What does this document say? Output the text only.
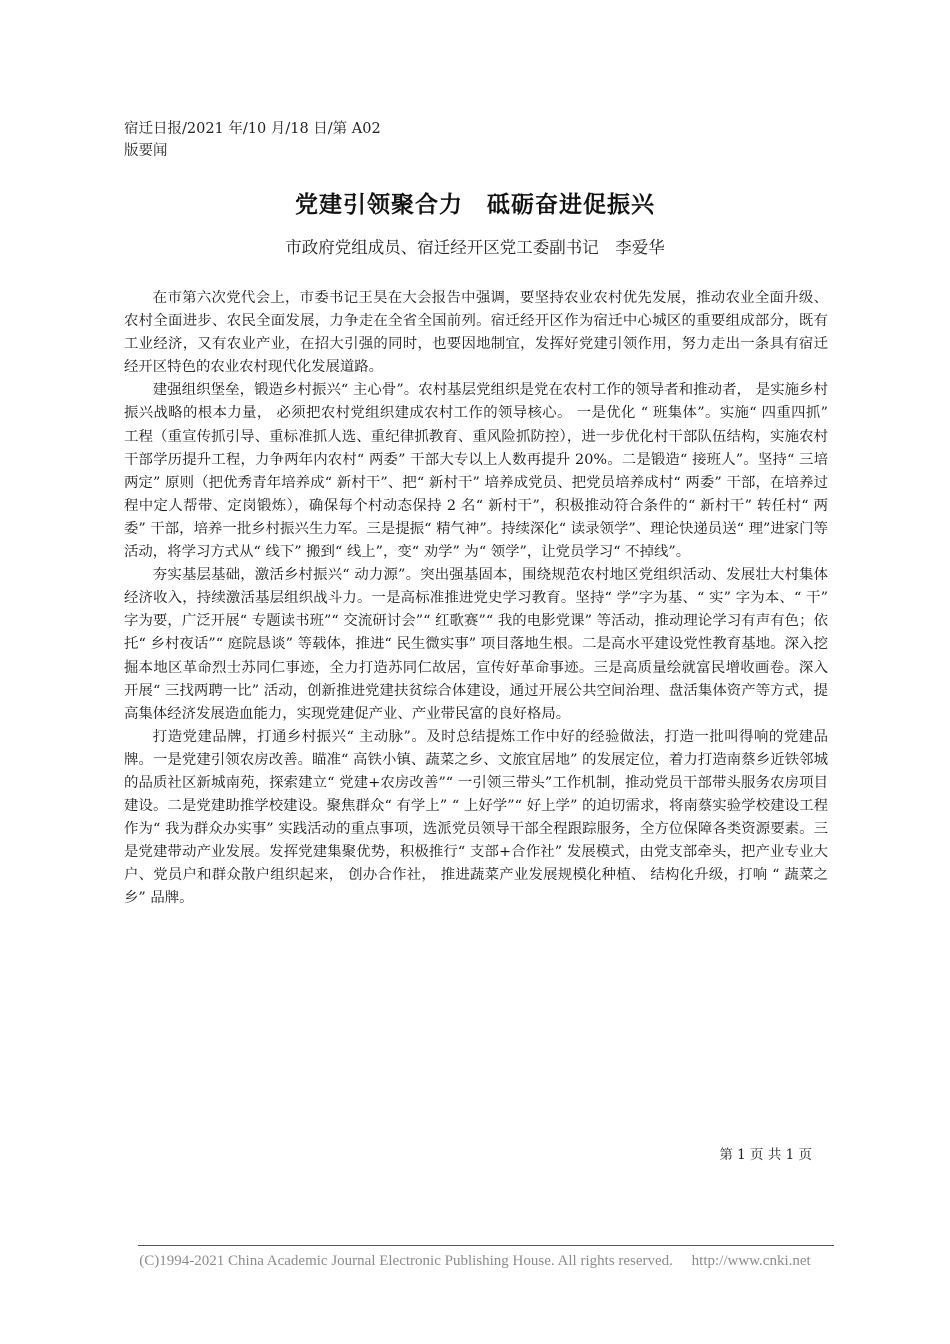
宿迁日报/2021 年/10 月/18 日/第 A02
版要闻
党建引领聚合力　砥砺奋进促振兴
市政府党组成员、宿迁经开区党工委副书记　李爱华

在市第六次党代会上，市委书记王昊在大会报告中强调，要坚持农业农村优先发展，推动农业全面升级、农村全面进步、农民全面发展，力争走在全省全国前列。宿迁经开区作为宿迁中心城区的重要组成部分，既有工业经济，又有农业产业，在招大引强的同时，也要因地制宜，发挥好党建引领作用，努力走出一条具有宿迁经开区特色的农业农村现代化发展道路。

建强组织堡垒，锻造乡村振兴“ 主心骨”。农村基层党组织是党在农村工作的领导者和推动者， 是实施乡村振兴战略的根本力量， 必须把农村党组织建成农村工作的领导核心。 一是优化 “ 班集体”。实施“ 四重四抓” 工程（重宣传抓引导、重标准抓人选、重纪律抓教育、重风险抓防控），进一步优化村干部队伍结构，实施农村干部学历提升工程，力争两年内农村“ 两委” 干部大专以上人数再提升 20%。二是锻造“ 接班人”。坚持“ 三培两定” 原则（把优秀青年培养成“ 新村干”、把“ 新村干” 培养成党员、把党员培养成村“ 两委” 干部，在培养过程中定人帮带、定岗锻炼），确保每个村动态保持 2 名“ 新村干”，积极推动符合条件的“ 新村干” 转任村“ 两委” 干部，培养一批乡村振兴生力军。三是提振“ 精气神”。持续深化“ 读录领学”、理论快递员送“ 理”进家门等活动，将学习方式从“ 线下” 搬到“ 线上”，变“ 劝学” 为“ 领学”，让党员学习“ 不掉线”。

夯实基层基础，激活乡村振兴“ 动力源”。突出强基固本，围绕规范农村地区党组织活动、发展壮大村集体经济收入，持续激活基层组织战斗力。一是高标准推进党史学习教育。坚持“ 学”字为基、“ 实” 字为本、“ 干” 字为要，广泛开展“ 专题读书班”“ 交流研讨会”“ 红歌赛”“ 我的电影党课” 等活动，推动理论学习有声有色；依托“ 乡村夜话”“ 庭院恳谈” 等载体，推进“ 民生微实事” 项目落地生根。二是高水平建设党性教育基地。深入挖掘本地区革命烈士苏同仁事迹，全力打造苏同仁故居，宣传好革命事迹。三是高质量绘就富民增收画卷。深入开展“ 三找两聘一比” 活动，创新推进党建扶贫综合体建设，通过开展公共空间治理、盘活集体资产等方式，提高集体经济发展造血能力，实现党建促产业、产业带民富的良好格局。

打造党建品牌，打通乡村振兴“ 主动脉”。及时总结提炼工作中好的经验做法，打造一批叫得响的党建品牌。一是党建引领农房改善。瞄准“ 高铁小镇、蔬菜之乡、文旅宜居地” 的发展定位，着力打造南蔡乡近铁邻城的品质社区新城南苑，探索建立“ 党建+农房改善”“ 一引领三带头”工作机制，推动党员干部带头服务农房项目建设。二是党建助推学校建设。聚焦群众“ 有学上” “ 上好学”“ 好上学” 的迫切需求，将南蔡实验学校建设工程作为“ 我为群众办实事” 实践活动的重点事项，选派党员领导干部全程跟踪服务，全方位保障各类资源要素。三是党建带动产业发展。发挥党建集聚优势，积极推行“ 支部+合作社” 发展模式，由党支部牵头，把产业专业大户、党员户和群众散户组织起来， 创办合作社， 推进蔬菜产业发展规模化种植、 结构化升级，打响 “ 蔬菜之乡” 品牌。

第 1 页 共 1 页
(C)1994-2021 China Academic Journal Electronic Publishing House. All rights reserved.　 http://www.cnki.net
